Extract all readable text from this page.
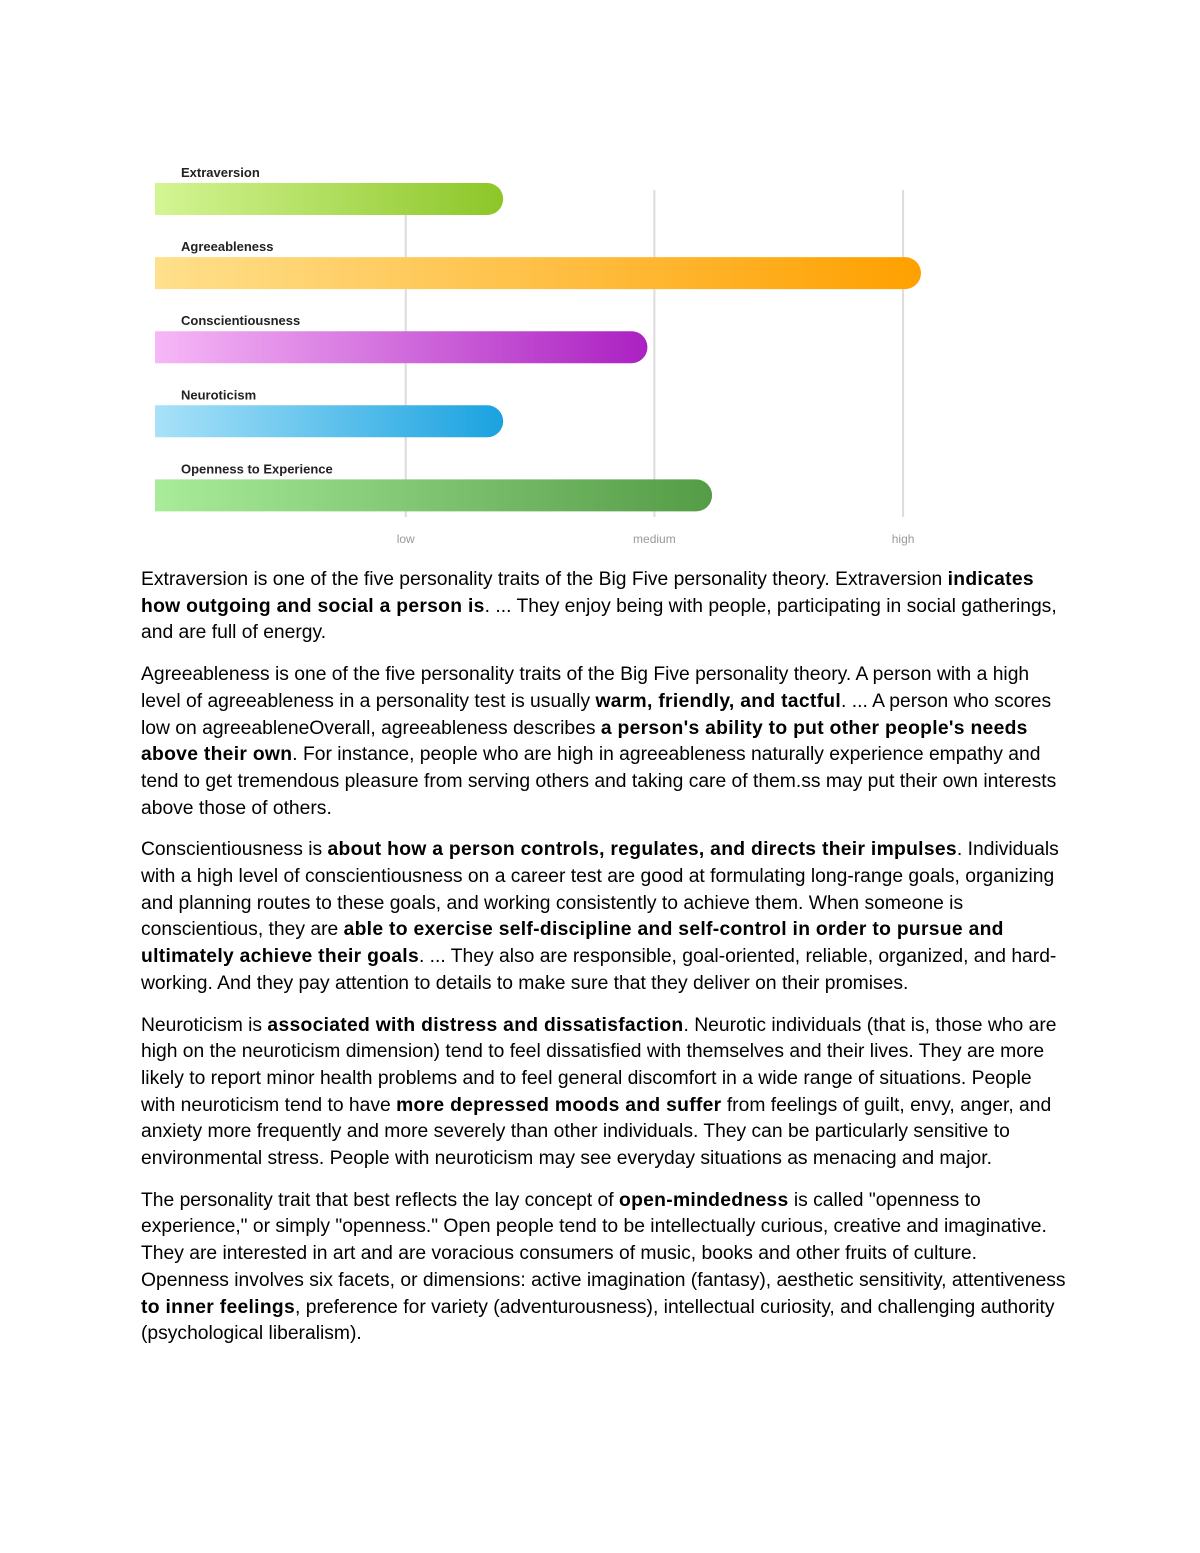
Extraversion
Agreeableness
Conscientiousness
Neuroticism
Openness to Experience
low	medium	high

Extraversion is one of the five personality traits of the Big Five personality theory. Extraversion indicates how outgoing and social a person is. ... They enjoy being with people, participating in social gatherings, and are full of energy.

Agreeableness is one of the five personality traits of the Big Five personality theory. A person with a high level of agreeableness in a personality test is usually warm, friendly, and tactful. ... A person who scores low on agreeableneOverall, agreeableness describes a person's ability to put other people's needs above their own. For instance, people who are high in agreeableness naturally experience empathy and tend to get tremendous pleasure from serving others and taking care of them.ss may put their own interests above those of others.

Conscientiousness is about how a person controls, regulates, and directs their impulses. Individuals with a high level of conscientiousness on a career test are good at formulating long-range goals, organizing and planning routes to these goals, and working consistently to achieve them. When someone is conscientious, they are able to exercise self-discipline and self-control in order to pursue and ultimately achieve their goals. ... They also are responsible, goal-oriented, reliable, organized, and hard-working. And they pay attention to details to make sure that they deliver on their promises.

Neuroticism is associated with distress and dissatisfaction. Neurotic individuals (that is, those who are high on the neuroticism dimension) tend to feel dissatisfied with themselves and their lives. They are more likely to report minor health problems and to feel general discomfort in a wide range of situations. People with neuroticism tend to have more depressed moods and suffer from feelings of guilt, envy, anger, and anxiety more frequently and more severely than other individuals. They can be particularly sensitive to environmental stress. People with neuroticism may see everyday situations as menacing and major.

The personality trait that best reflects the lay concept of open-mindedness is called "openness to experience," or simply "openness." Open people tend to be intellectually curious, creative and imaginative. They are interested in art and are voracious consumers of music, books and other fruits of culture. Openness involves six facets, or dimensions: active imagination (fantasy), aesthetic sensitivity, attentiveness to inner feelings, preference for variety (adventurousness), intellectual curiosity, and challenging authority (psychological liberalism).
